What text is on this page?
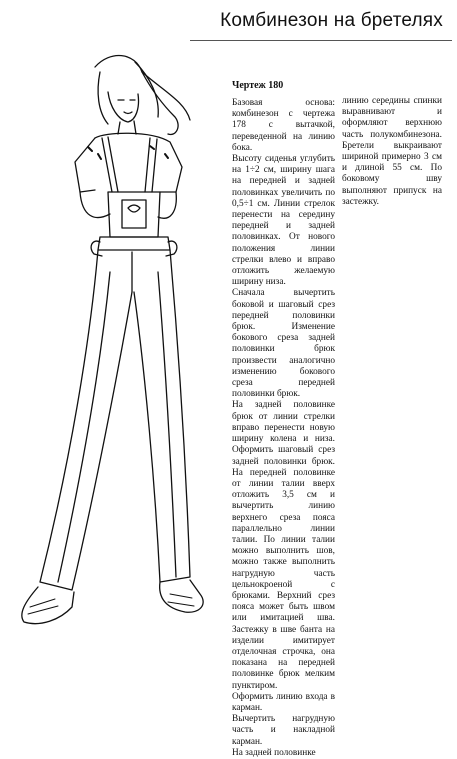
Комбинезон на бретелях
Чертеж 180

Базовая основа: комбинезон с чертежа 178 с вытачкой, переведенной на линию бока.

Высоту сиденья углубить на 1÷2 см, ширину шага на передней и задней половинках увеличить по 0,5÷1 см. Линии стрелок перенести на середину передней и задней половинках. От нового положения линии стрелки влево и вправо отложить желаемую ширину низа.

Сначала вычертить боковой и шаговый срез передней половинки брюк. Изменение бокового среза задней половинки брюк произвести аналогично изменению бокового среза передней половинки брюк.

На задней половинке брюк от линии стрелки вправо перенести новую ширину колена и низа. Оформить шаговый срез задней половинки брюк. На передней половинке от линии талии вверх отложить 3,5 см и вычертить линию верхнего среза пояса параллельно линии талии. По линии талии можно выполнить шов, можно также выполнить нагрудную часть цельнокроеной с брюками. Верхний срез пояса может быть швом или имитацией шва. Застежку в шве банта на изделии имитирует отделочная строчка, она показана на передней половинке брюк мелким пунктиром.

Оформить линию входа в карман.

Вычертить нагрудную часть и накладной карман.

На задней половинке

линию середины спинки выравнивают и оформляют верхнюю часть полукомбинезона. Бретели выкраивают шириной примерно 3 см и длиной 55 см. По боковому шву выполняют припуск на застежку.
